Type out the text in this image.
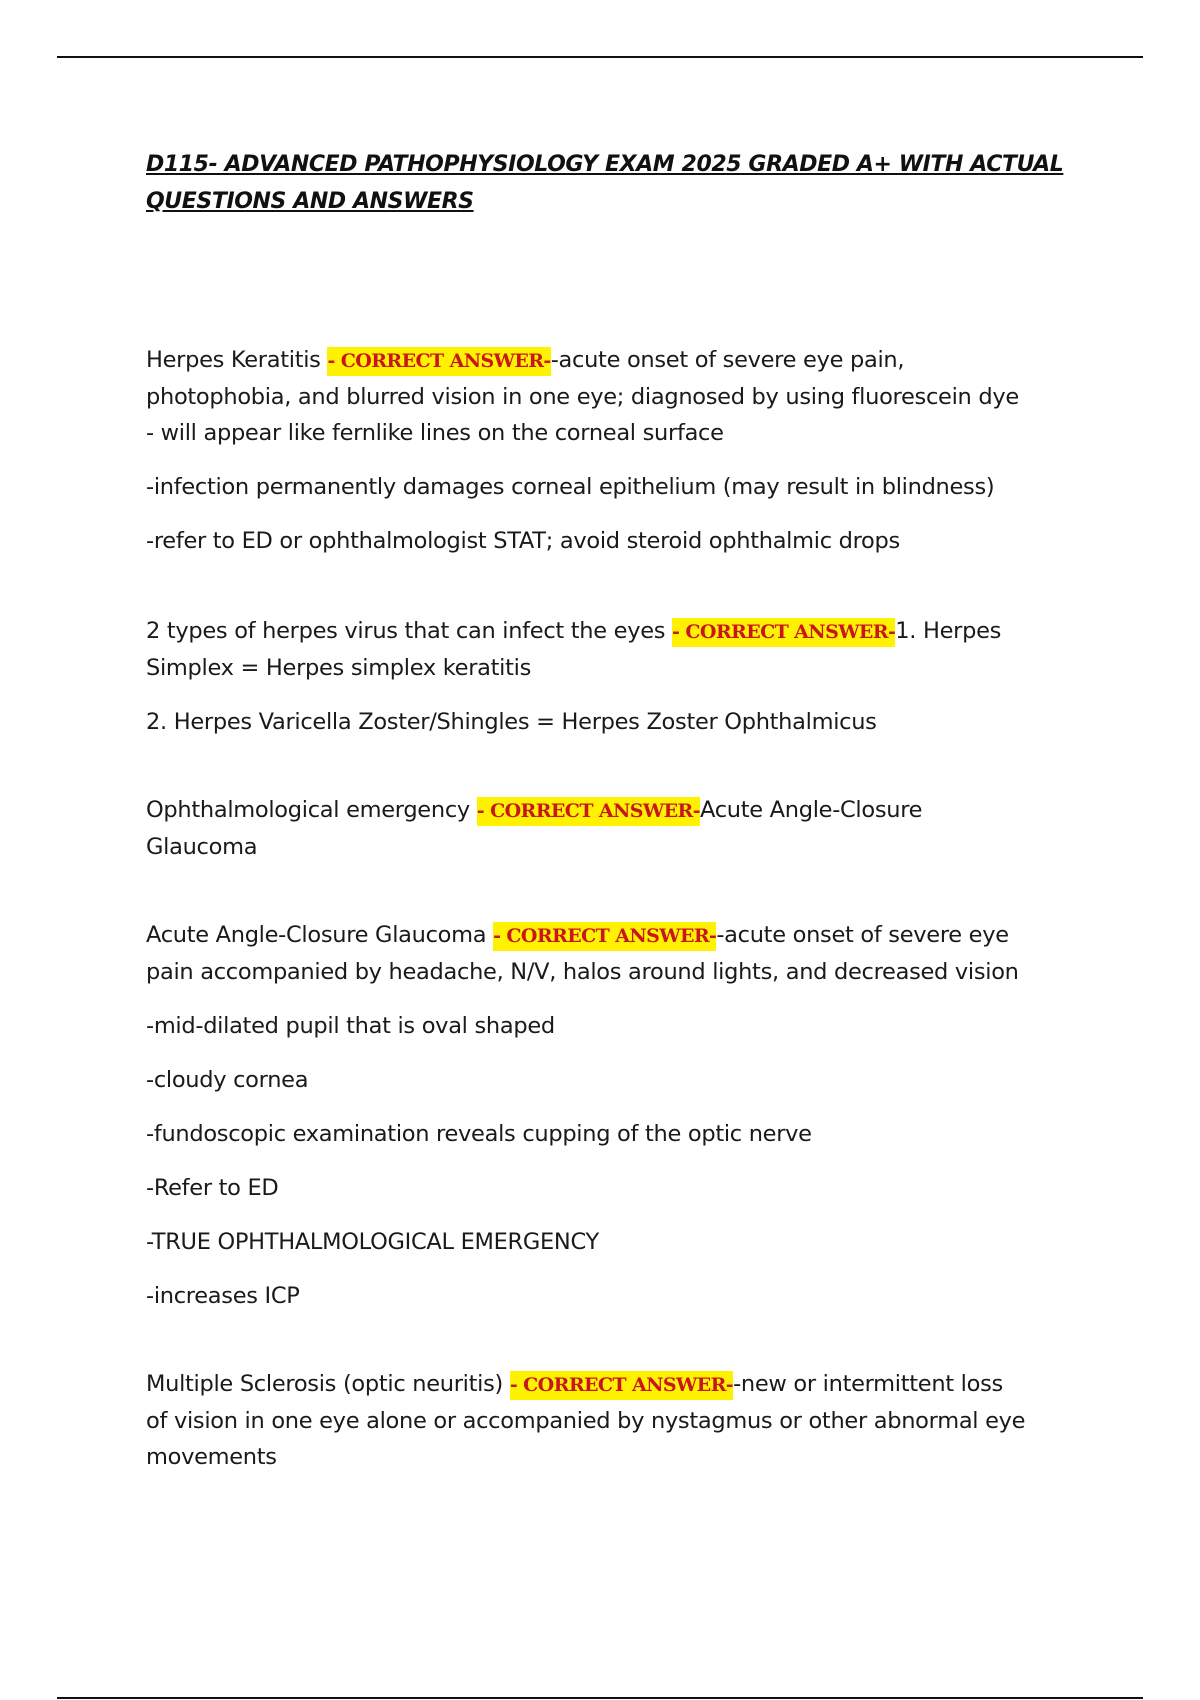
D115- ADVANCED PATHOPHYSIOLOGY EXAM 2025 GRADED A+ WITH ACTUAL
QUESTIONS AND ANSWERS

Herpes Keratitis - CORRECT ANSWER--acute onset of severe eye pain,

photophobia, and blurred vision in one eye; diagnosed by using fluorescein dye

- will appear like fernlike lines on the corneal surface

-infection permanently damages corneal epithelium (may result in blindness)

-refer to ED or ophthalmologist STAT; avoid steroid ophthalmic drops

2 types of herpes virus that can infect the eyes - CORRECT ANSWER-1. Herpes

Simplex = Herpes simplex keratitis

2. Herpes Varicella Zoster/Shingles = Herpes Zoster Ophthalmicus

Ophthalmological emergency - CORRECT ANSWER-Acute Angle-Closure

Glaucoma

Acute Angle-Closure Glaucoma - CORRECT ANSWER--acute onset of severe eye

pain accompanied by headache, N/V, halos around lights, and decreased vision

-mid-dilated pupil that is oval shaped

-cloudy cornea

-fundoscopic examination reveals cupping of the optic nerve

-Refer to ED

-TRUE OPHTHALMOLOGICAL EMERGENCY

-increases ICP

Multiple Sclerosis (optic neuritis) - CORRECT ANSWER--new or intermittent loss

of vision in one eye alone or accompanied by nystagmus or other abnormal eye

movements
